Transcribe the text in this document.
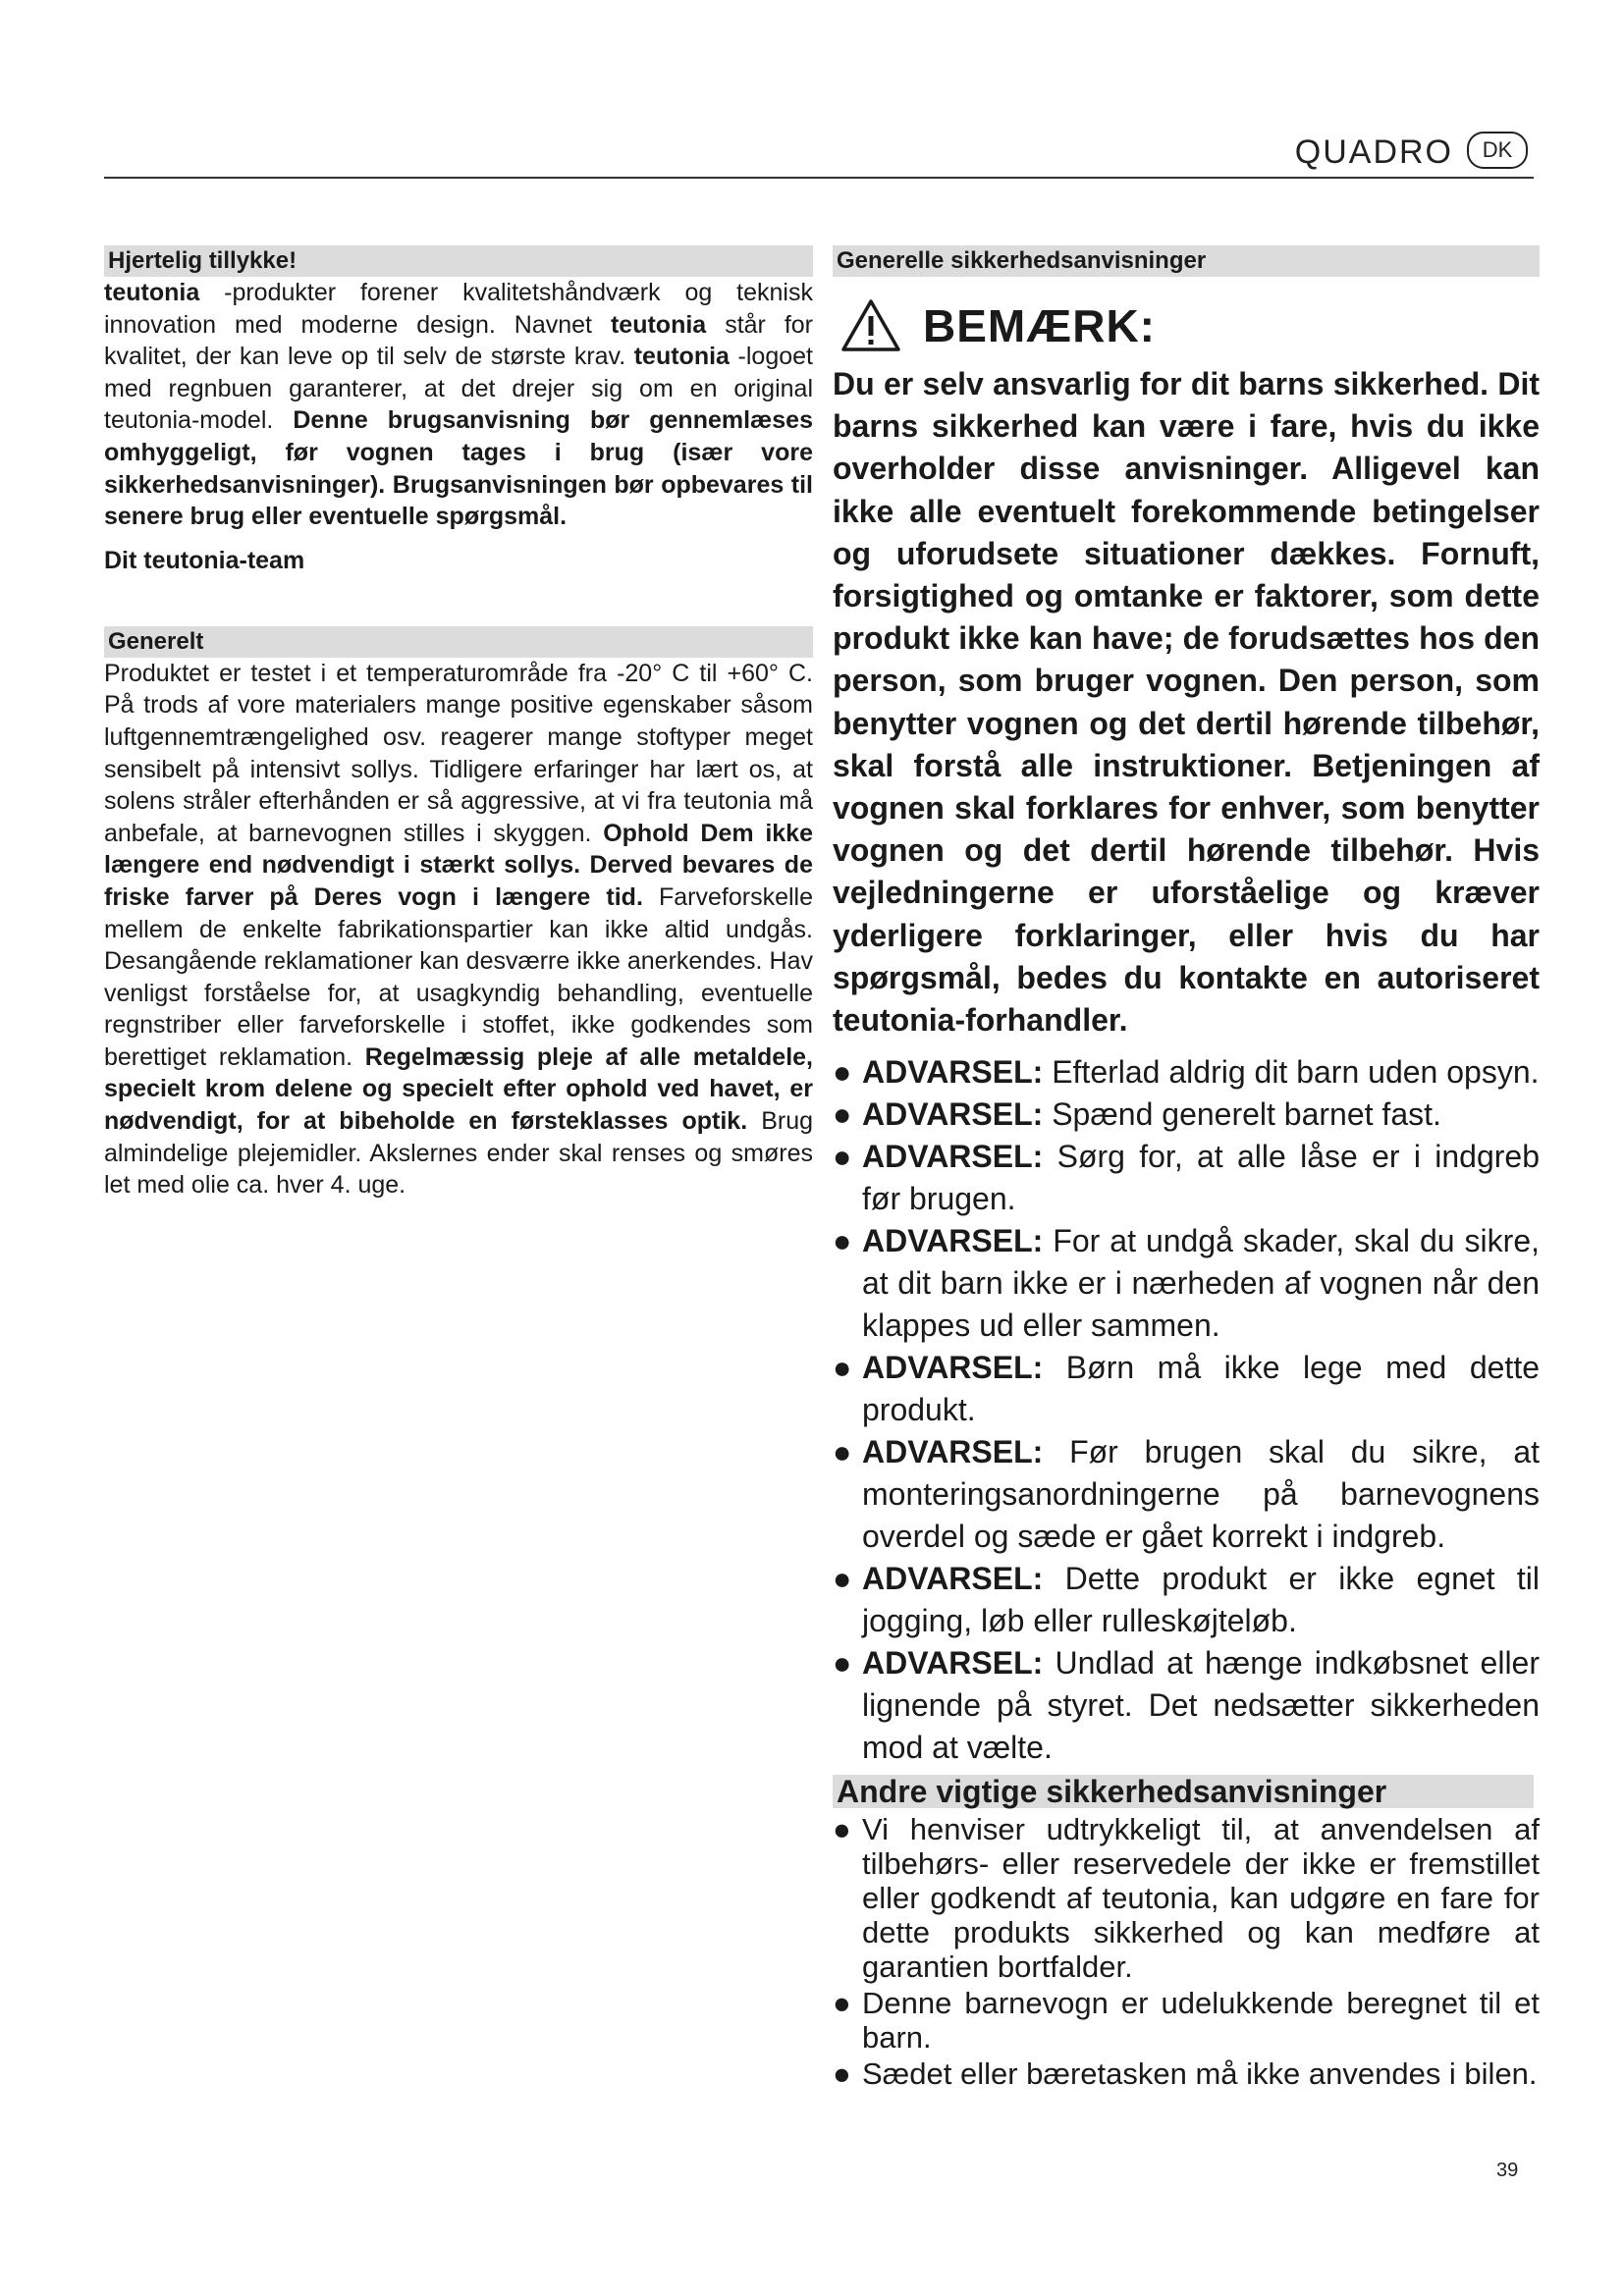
QUADRO	DK
Hjertelig tillykke!

teutonia -produkter forener kvalitetshåndværk og teknisk innovation med moderne design. Navnet teutonia står for kvalitet, der kan leve op til selv de største krav. teutonia -logoet med regnbuen garanterer, at det drejer sig om en original teutonia-model. Denne brugsanvisning bør gennemlæses omhyggeligt, før vognen tages i brug (især vore sikkerhedsanvisninger). Brugsanvisningen bør opbevares til senere brug eller eventuelle spørgsmål.

Dit teutonia-team
Generelt

Produktet er testet i et temperaturområde fra -20° C til +60° C. På trods af vore materialers mange positive egenskaber såsom luftgennemtrængelighed osv. reagerer mange stoftyper meget sensibelt på intensivt sollys. Tidligere erfaringer har lært os, at solens stråler efterhånden er så aggressive, at vi fra teutonia må anbefale, at barnevognen stilles i skyggen. Ophold Dem ikke længere end nødvendigt i stærkt sollys. Derved bevares de friske farver på Deres vogn i længere tid. Farveforskelle mellem de enkelte fabrikationspartier kan ikke altid undgås. Desangående reklamationer kan desværre ikke anerkendes. Hav venligst forståelse for, at usagkyndig behandling, eventuelle regnstriber eller farveforskelle i stoffet, ikke godkendes som berettiget reklamation. Regelmæssig pleje af alle metaldele, specielt krom delene og specielt efter ophold ved havet, er nødvendigt, for at bibeholde en førsteklasses optik. Brug almindelige plejemidler. Akslernes ender skal renses og smøres let med olie ca. hver 4. uge.

Generelle sikkerhedsanvisninger
BEMÆRK:

Du er selv ansvarlig for dit barns sikkerhed. Dit barns sikkerhed kan være i fare, hvis du ikke overholder disse anvisninger. Alligevel kan ikke alle eventuelt forekommende betingelser og uforudsete situationer dækkes. Fornuft, forsigtighed og omtanke er faktorer, som dette produkt ikke kan have; de forudsættes hos den person, som bruger vognen. Den person, som benytter vognen og det dertil hørende tilbehør, skal forstå alle instruktioner. Betjeningen af vognen skal forklares for enhver, som benytter vognen og det dertil hørende tilbehør. Hvis vejledningerne er uforståelige og kræver yderligere forklaringer, eller hvis du har spørgsmål, bedes du kontakte en autoriseret teutonia-forhandler.

● ADVARSEL: Efterlad aldrig dit barn uden opsyn.
● ADVARSEL: Spænd generelt barnet fast.
● ADVARSEL: Sørg for, at alle låse er i indgreb før brugen.
● ADVARSEL: For at undgå skader, skal du sikre, at dit barn ikke er i nærheden af vognen når den klappes ud eller sammen.
● ADVARSEL: Børn må ikke lege med dette produkt.
● ADVARSEL: Før brugen skal du sikre, at monteringsanordningerne på barnevognens overdel og sæde er gået korrekt i indgreb.
● ADVARSEL: Dette produkt er ikke egnet til jogging, løb eller rulleskøjteløb.
● ADVARSEL: Undlad at hænge indkøbsnet eller lignende på styret. Det nedsætter sikkerheden mod at vælte.
Andre vigtige sikkerhedsanvisninger
● Vi henviser udtrykkeligt til, at anvendelsen af tilbehørs- eller reservedele der ikke er fremstillet eller godkendt af teutonia, kan udgøre en fare for dette produkts sikkerhed og kan medføre at garantien bortfalder.
● Denne barnevogn er udelukkende beregnet til et barn.
● Sædet eller bæretasken må ikke anvendes i bilen.
39
